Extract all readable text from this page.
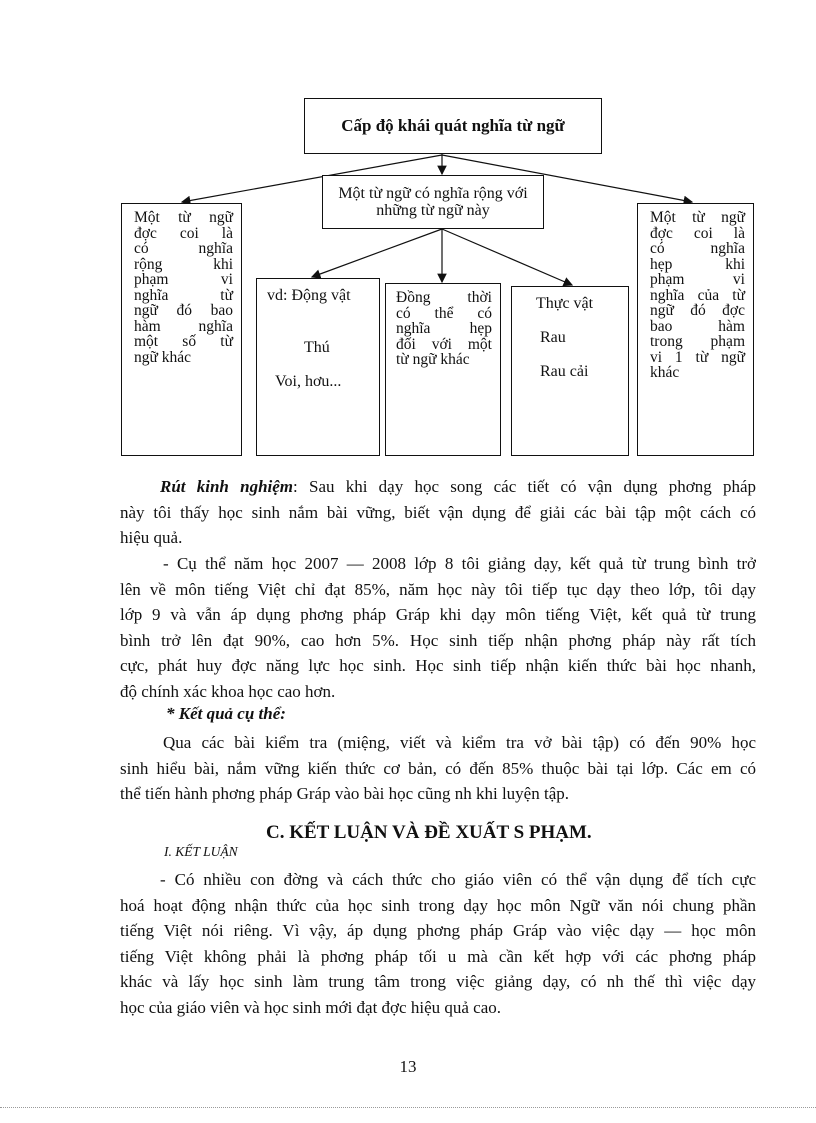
Cấp độ khái quát nghĩa từ ngữ
Một từ ngữ có nghĩa rộng với những từ ngữ này
Một từ ngữ
đợc coi là
có nghĩa
rộng khi
phạm vi
nghĩa từ
ngữ đó bao
hàm nghĩa
một số từ
ngữ khác
Một từ ngữ
đợc coi là
có nghĩa
hẹp khi
phạm vi
nghĩa của từ
ngữ đó đợc
bao hàm
trong phạm
vi 1 từ ngữ
khác
vd: Động vật
Thú
Voi, hơu...
Đồng thời
có thể có
nghĩa hẹp
đối với một
từ ngữ khác
Thực vật
Rau
Rau cải
Rút kinh nghiệm: Sau khi dạy học song các tiết có vận dụng phơng pháp
này tôi thấy học sinh nắm bài vững, biết vận dụng để giải các bài tập một cách có
hiệu quả.
- Cụ thể năm học 2007 — 2008 lớp 8 tôi giảng dạy, kết quả từ trung bình trở
lên về môn tiếng Việt chỉ đạt 85%, năm học này tôi tiếp tục dạy theo lớp, tôi dạy
lớp 9 và vẫn áp dụng phơng pháp Gráp khi dạy môn tiếng Việt, kết quả từ trung
bình trở lên đạt 90%, cao hơn 5%. Học sinh tiếp nhận phơng pháp này rất tích
cực, phát huy đợc năng lực học sinh. Học sinh tiếp nhận kiến thức bài học nhanh,
độ chính xác khoa học cao hơn.
* Kết quả cụ thể:
Qua các bài kiểm tra (miệng, viết và kiểm tra vở bài tập) có đến 90% học
sinh hiểu bài, nắm vững kiến thức cơ bản, có đến 85% thuộc bài tại lớp. Các em có
thể tiến hành phơng pháp Gráp vào bài học cũng nh khi luyện tập.
C. KẾT LUẬN VÀ ĐỀ XUẤT S PHẠM.
I. KẾT LUẬN
- Có nhiều con đờng và cách thức cho giáo viên có thể vận dụng để tích cực
hoá hoạt động nhận thức của học sinh trong dạy học môn Ngữ văn nói chung phần
tiếng Việt nói riêng. Vì vậy, áp dụng phơng pháp Gráp vào việc dạy — học môn
tiếng Việt không phải là phơng pháp tối u mà cần kết hợp với các phơng pháp
khác và lấy học sinh làm trung tâm trong việc giảng dạy, có nh thế thì việc dạy
học của giáo viên và học sinh mới đạt đợc hiệu quả cao.
13
